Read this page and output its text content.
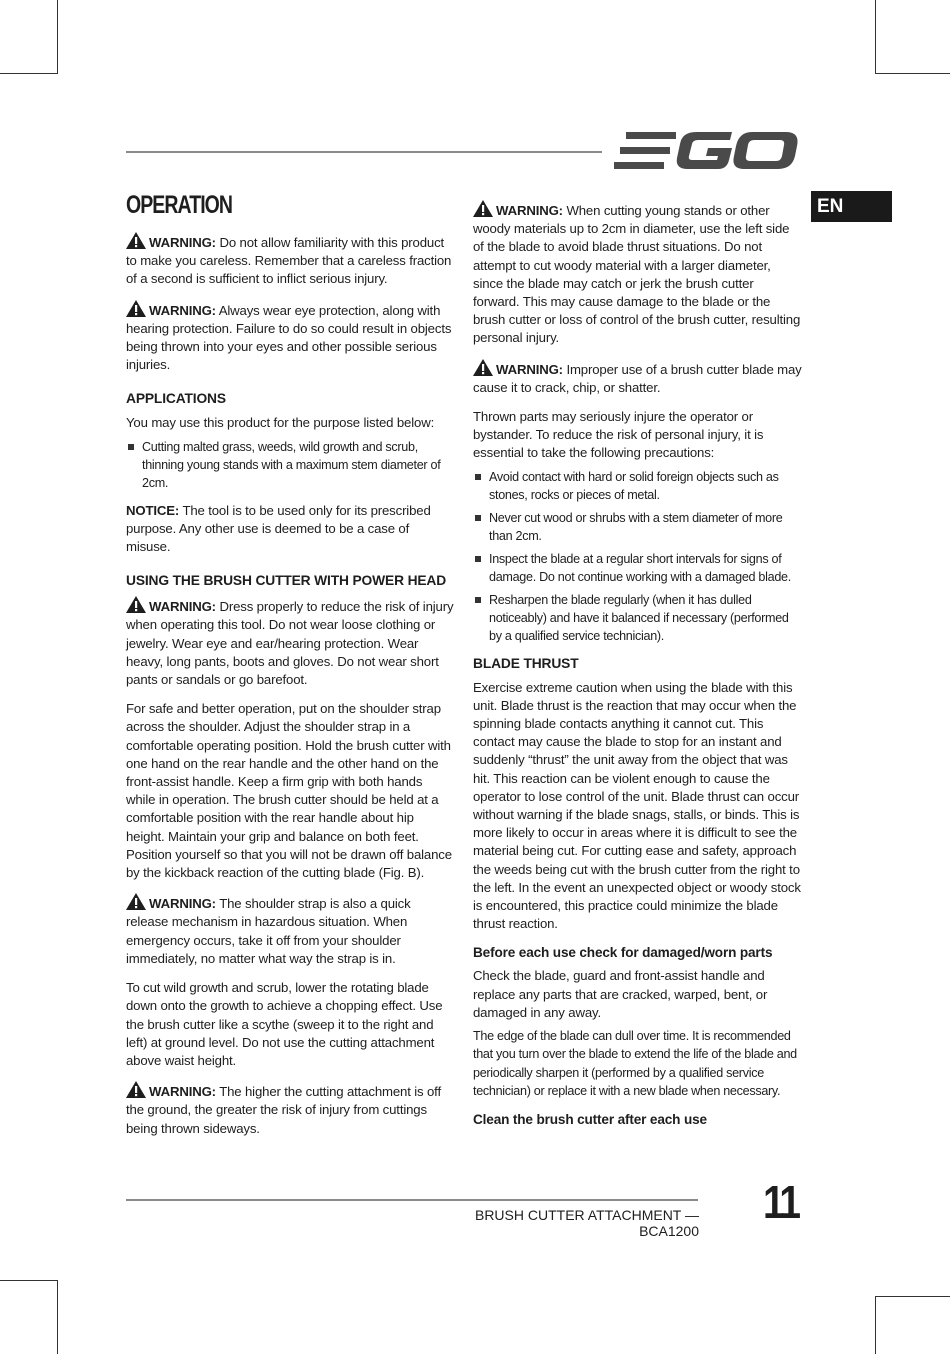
EN
OPERATION

WARNING: Do not allow familiarity with this product to make you careless. Remember that a careless fraction of a second is sufficient to inflict serious injury.

WARNING: Always wear eye protection, along with hearing protection. Failure to do so could result in objects being thrown into your eyes and other possible serious injuries.

APPLICATIONS

You may use this product for the purpose listed below:

Cutting malted grass, weeds, wild growth and scrub, thinning young stands with a maximum stem diameter of 2cm.

NOTICE: The tool is to be used only for its prescribed purpose. Any other use is deemed to be a case of misuse.

USING THE BRUSH CUTTER WITH POWER HEAD

WARNING: Dress properly to reduce the risk of injury when operating this tool. Do not wear loose clothing or jewelry. Wear eye and ear/hearing protection. Wear heavy, long pants, boots and gloves. Do not wear short pants or sandals or go barefoot.

For safe and better operation, put on the shoulder strap across the shoulder. Adjust the shoulder strap in a comfortable operating position. Hold the brush cutter with one hand on the rear handle and the other hand on the front-assist handle. Keep a firm grip with both hands while in operation. The brush cutter should be held at a comfortable position with the rear handle about hip height. Maintain your grip and balance on both feet. Position yourself so that you will not be drawn off balance by the kickback reaction of the cutting blade (Fig. B).

WARNING: The shoulder strap is also a quick release mechanism in hazardous situation. When emergency occurs, take it off from your shoulder immediately, no matter what way the strap is in.

To cut wild growth and scrub, lower the rotating blade down onto the growth to achieve a chopping effect. Use the brush cutter like a scythe (sweep it to the right and left) at ground level. Do not use the cutting attachment above waist height.

WARNING: The higher the cutting attachment is off the ground, the greater the risk of injury from cuttings being thrown sideways.

WARNING: When cutting young stands or other woody materials up to 2cm in diameter, use the left side of the blade to avoid blade thrust situations. Do not attempt to cut woody material with a larger diameter, since the blade may catch or jerk the brush cutter forward. This may cause damage to the blade or the brush cutter or loss of control of the brush cutter, resulting personal injury.

WARNING: Improper use of a brush cutter blade may cause it to crack, chip, or shatter.

Thrown parts may seriously injure the operator or bystander. To reduce the risk of personal injury, it is essential to take the following precautions:

Avoid contact with hard or solid foreign objects such as stones, rocks or pieces of metal.
Never cut wood or shrubs with a stem diameter of more than 2cm.
Inspect the blade at a regular short intervals for signs of damage. Do not continue working with a damaged blade.
Resharpen the blade regularly (when it has dulled noticeably) and have it balanced if necessary (performed by a qualified service technician).
BLADE THRUST

Exercise extreme caution when using the blade with this unit. Blade thrust is the reaction that may occur when the spinning blade contacts anything it cannot cut. This contact may cause the blade to stop for an instant and suddenly “thrust” the unit away from the object that was hit. This reaction can be violent enough to cause the operator to lose control of the unit. Blade thrust can occur without warning if the blade snags, stalls, or binds. This is more likely to occur in areas where it is difficult to see the material being cut. For cutting ease and safety, approach the weeds being cut with the brush cutter from the right to the left. In the event an unexpected object or woody stock is encountered, this practice could minimize the blade thrust reaction.

Before each use check for damaged/worn parts

Check the blade, guard and front-assist handle and replace any parts that are cracked, warped, bent, or damaged in any away.

The edge of the blade can dull over time. It is recommended that you turn over the blade to extend the life of the blade and periodically sharpen it (performed by a qualified service technician) or replace it with a new blade when necessary.

Clean the brush cutter after each use
BRUSH CUTTER ATTACHMENT — BCA1200
11
